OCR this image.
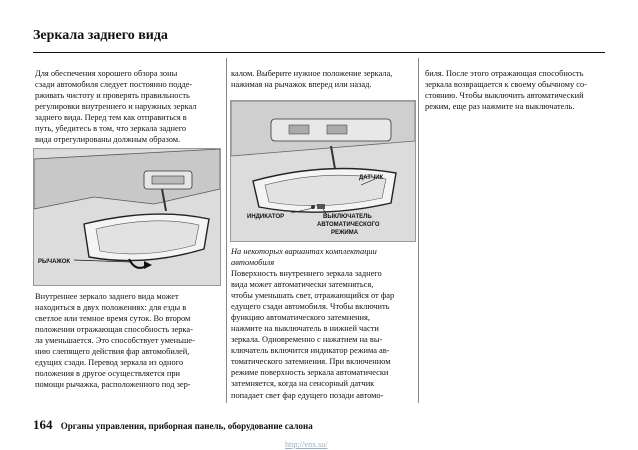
Зеркала заднего вида
Для обеспечения хорошего обзора зоны
сзади автомобиля следует постоянно подде-
рживать чистоту и проверять правильность
регулировки внутреннего и наружных зеркал
заднего вида. Перед тем как отправиться в
путь, убедитесь в том, что зеркала заднего
вида отрегулированы должным образом.
РЫЧАЖОК
Внутреннее зеркало заднего вида может
находиться в двух положениях: для езды в
светлое или темное время суток. Во втором
положении отражающая способность зерка-
ла уменьшается. Это способствует уменьше-
нию слепящего действия фар автомобилей,
едущих сзади. Перевод зеркала из одного
положения в другое осуществляется при
помощи рычажка, расположенного под зер-
калом. Выберите нужное положение зеркала,
нажимая на рычажок вперед или назад.
ДАТЧИК
ИНДИКАТОР	ВЫКЛЮЧАТЕЛЬ
АВТОМАТИЧЕСКОГО
РЕЖИМА
На некоторых вариантах комплектации
автомобиля
Поверхность внутреннего зеркала заднего
вида может автоматически затемняться,
чтобы уменьшать свет, отражающийся от фар
едущего сзади автомобиля. Чтобы включить
функцию автоматического затемнения,
нажмите на выключатель в нижней части
зеркала. Одновременно с нажатием на вы-
ключатель включится индикатор режима ав-
томатического затемнения. При включенном
режиме поверхность зеркала автоматически
затемняется, когда на сенсорный датчик
попадает свет фар едущего позади автомо-
биля. После этого отражающая способность
зеркала возвращается к своему обычному со-
стоянию. Чтобы выключить автоматический
режим, еще раз нажмите на выключатель.
164 Органы управления, приборная панель, оборудование салона
http://vnx.su/
